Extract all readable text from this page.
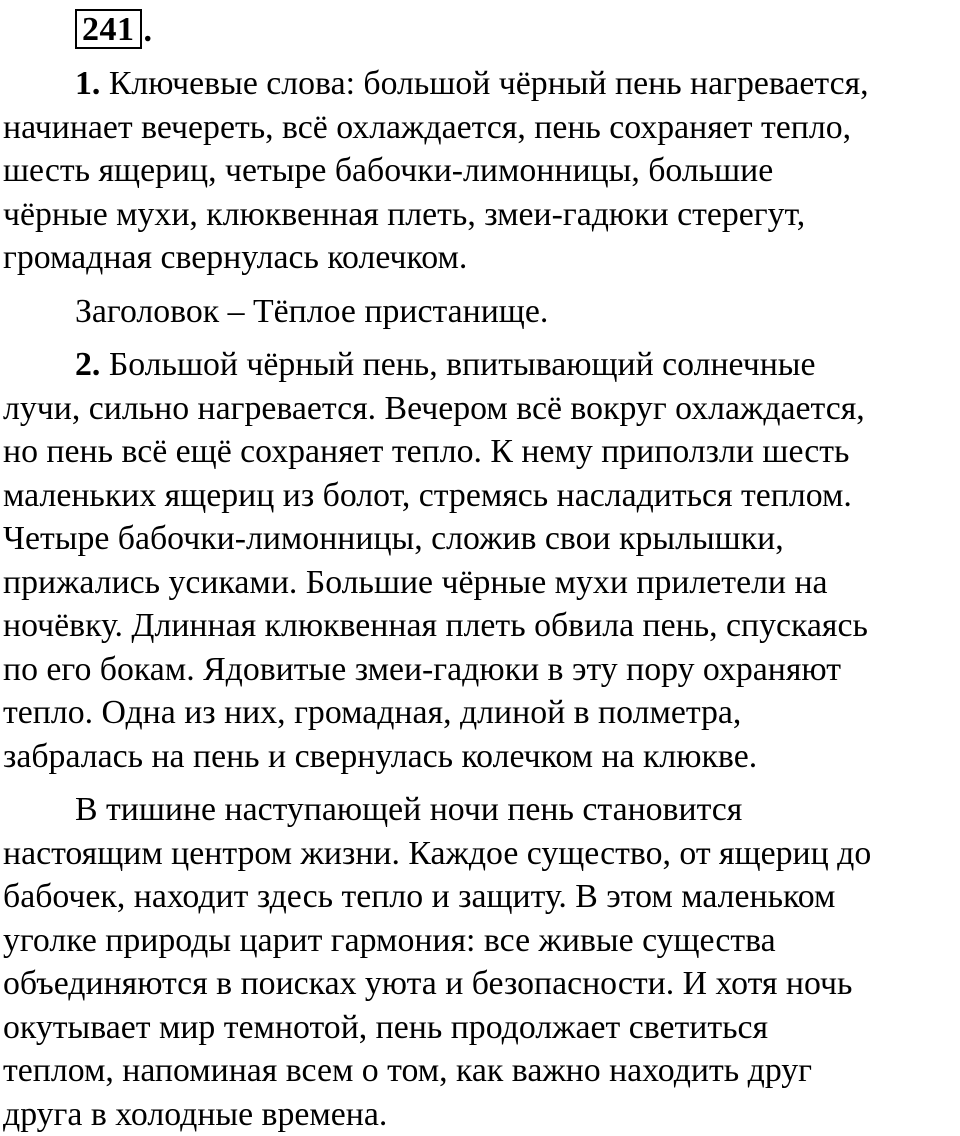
241 .

1. Ключевые слова: большой чёрный пень нагревается,
начинает вечереть, всё охлаждается, пень сохраняет тепло,
шесть ящериц, четыре бабочки-лимонницы, большие
чёрные мухи, клюквенная плеть, змеи-гадюки стерегут,
громадная свернулась колечком.

Заголовок – Тёплое пристанище.

2. Большой чёрный пень, впитывающий солнечные
лучи, сильно нагревается. Вечером всё вокруг охлаждается,
но пень всё ещё сохраняет тепло. К нему приползли шесть
маленьких ящериц из болот, стремясь насладиться теплом.
Четыре бабочки-лимонницы, сложив свои крылышки,
прижались усиками. Большие чёрные мухи прилетели на
ночёвку. Длинная клюквенная плеть обвила пень, спускаясь
по его бокам. Ядовитые змеи-гадюки в эту пору охраняют
тепло. Одна из них, громадная, длиной в полметра,
забралась на пень и свернулась колечком на клюкве.

В тишине наступающей ночи пень становится
настоящим центром жизни. Каждое существо, от ящериц до
бабочек, находит здесь тепло и защиту. В этом маленьком
уголке природы царит гармония: все живые существа
объединяются в поисках уюта и безопасности. И хотя ночь
окутывает мир темнотой, пень продолжает светиться
теплом, напоминая всем о том, как важно находить друг
друга в холодные времена.
